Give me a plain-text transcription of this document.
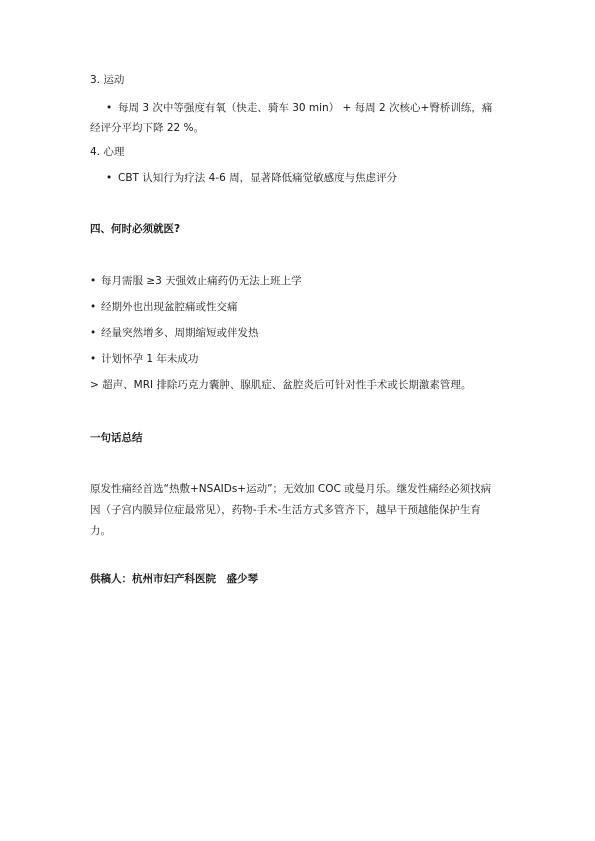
3. 运动
• 每周 3 次中等强度有氧（快走、骑车 30 min） + 每周 2 次核心+臀桥训练，痛
经评分平均下降 22 %。
4. 心理
• CBT 认知行为疗法 4-6 周，显著降低痛觉敏感度与焦虑评分
四、何时必须就医?
• 每月需服 ≥3 天强效止痛药仍无法上班上学
• 经期外也出现盆腔痛或性交痛
• 经量突然增多、周期缩短或伴发热
• 计划怀孕 1 年未成功
> 超声、MRI 排除巧克力囊肿、腺肌症、盆腔炎后可针对性手术或长期激素管理。
一句话总结
原发性痛经首选“热敷+NSAIDs+运动”；无效加 COC 或曼月乐。继发性痛经必须找病
因（子宫内膜异位症最常见），药物-手术-生活方式多管齐下，越早干预越能保护生育
力。
供稿人：杭州市妇产科医院　盛少琴
